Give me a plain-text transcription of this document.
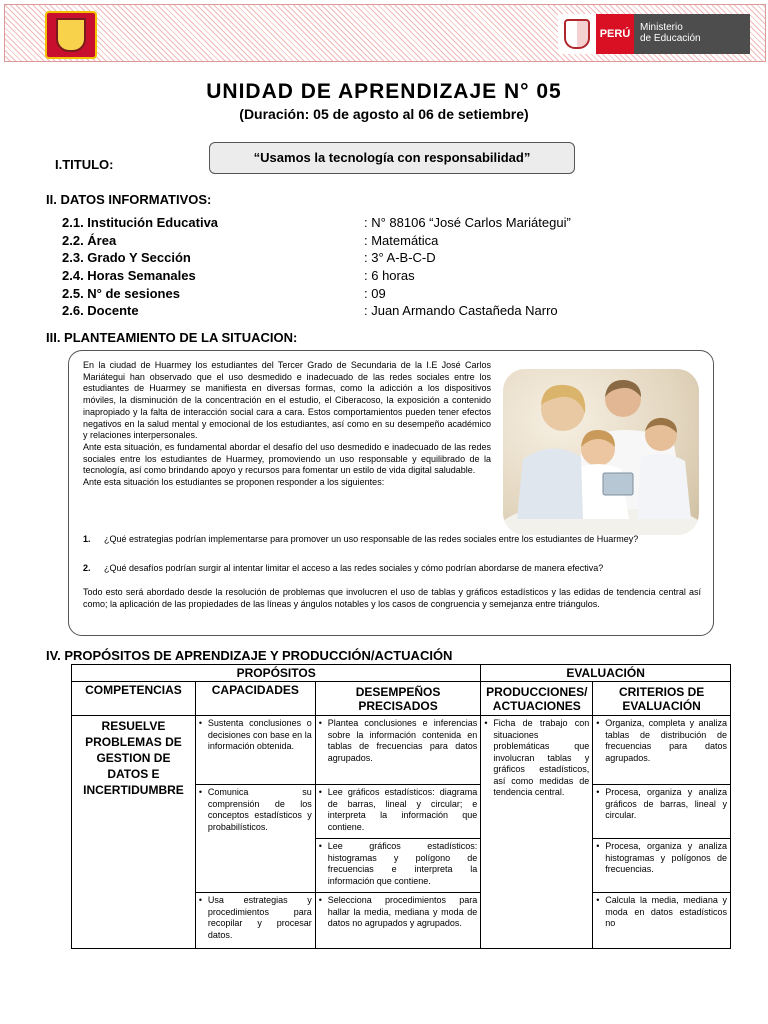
PERÚ
Ministerio
de Educación
UNIDAD DE APRENDIZAJE N° 05
(Duración: 05 de agosto al 06 de setiembre)
I.TITULO:	“Usamos la tecnología con responsabilidad”
II. DATOS INFORMATIVOS:
2.1. Institución Educativa	: N° 88106 “José Carlos Mariátegui”
2.2. Área	: Matemática
2.3. Grado Y Sección	: 3° A-B-C-D
2.4. Horas Semanales	: 6 horas
2.5. N° de sesiones	: 09
2.6. Docente	: Juan Armando Castañeda Narro
III. PLANTEAMIENTO DE LA SITUACION:
En la ciudad de Huarmey los estudiantes del Tercer Grado de Secundaria de la I.E José Carlos Mariátegui han observado que el uso desmedido e inadecuado de las redes sociales entre los estudiantes de Huarmey se manifiesta en diversas formas, como la adicción a los dispositivos móviles, la disminución de la concentración en el estudio, el Ciberacoso, la exposición a contenido inapropiado y la falta de interacción social cara a cara. Estos comportamientos pueden tener efectos negativos en la salud mental y emocional de los estudiantes, así como en su desempeño académico y relaciones interpersonales.
Ante esta situación, es fundamental abordar el desafío del uso desmedido e inadecuado de las redes sociales entre los estudiantes de Huarmey, promoviendo un uso responsable y equilibrado de la tecnología, así como brindando apoyo y recursos para fomentar un estilo de vida digital saludable.
Ante esta situación los estudiantes se proponen responder a los siguientes:
1. ¿Qué estrategias podrían implementarse para promover un uso responsable de las redes sociales entre los estudiantes de Huarmey?
2. ¿Qué desafíos podrían surgir al intentar limitar el acceso a las redes sociales y cómo podrían abordarse de manera efectiva?
Todo esto será abordado desde la resolución de problemas que involucren el uso de tablas y gráficos estadísticos y las edidas de tendencia central así como; la aplicación de las propiedades de las líneas y ángulos notables y los casos de congruencia y semejanza entre triángulos.
IV. PROPÓSITOS DE APRENDIZAJE Y PRODUCCIÓN/ACTUACIÓN
PROPÓSITOS			EVALUACIÓN	
COMPETENCIAS	CAPACIDADES	DESEMPEÑOS PRECISADOS	PRODUCCIONES/ ACTUACIONES	CRITERIOS DE EVALUACIÓN

RESUELVE PROBLEMAS DE GESTION DE DATOS E INCERTIDUMBRE	• Sustenta conclusiones o decisiones con base en la información obtenida.	• Plantea conclusiones e inferencias sobre la información contenida en tablas de frecuencias para datos agrupados.	• Ficha de trabajo con situaciones problemáticas que involucran tablas y gráficos estadísticos, así como medidas de tendencia central.	• Organiza, completa y analiza tablas de distribución de frecuencias para datos agrupados.

	• Comunica su comprensión de los conceptos estadísticos y probabilísticos.	• Lee gráficos estadísticos: diagrama de barras, lineal y circular; e interpreta la información que contiene.		• Procesa, organiza y analiza gráficos de barras, lineal y circular.

		• Lee gráficos estadísticos: histogramas y polígono de frecuencias e interpreta la información que contiene.		• Procesa, organiza y analiza histogramas y polígonos de frecuencias.

	• Usa estrategias y procedimientos para recopilar y procesar datos.	• Selecciona procedimientos para hallar la media, mediana y moda de datos no agrupados y agrupados.		• Calcula la media, mediana y moda en datos estadísticos no
